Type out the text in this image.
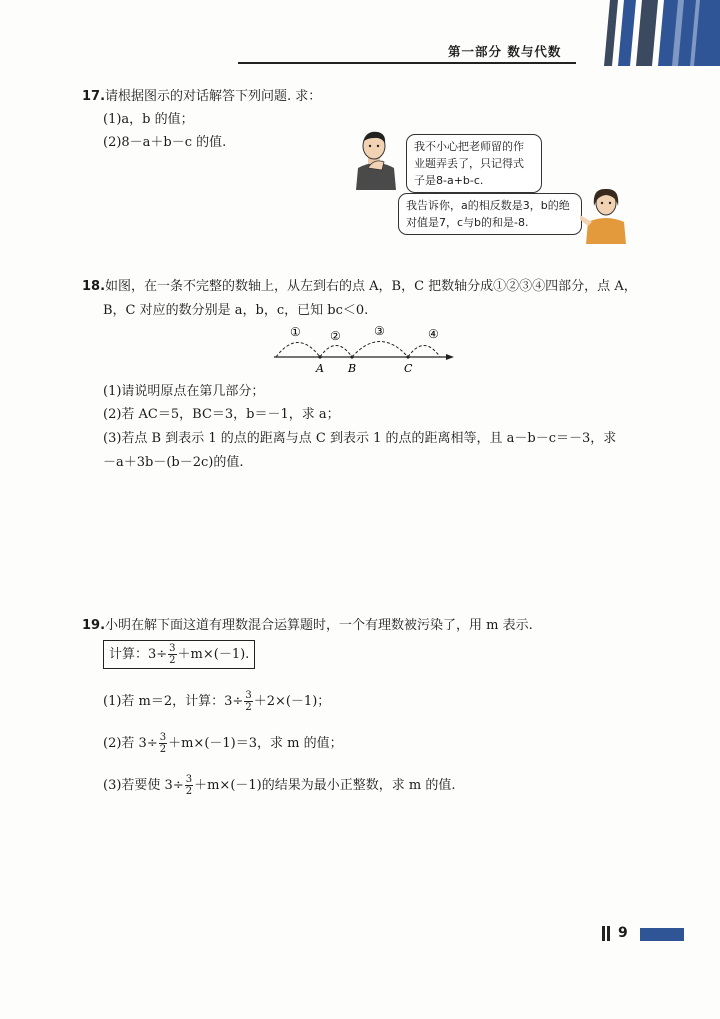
第一部分 数与代数
17.请根据图示的对话解答下列问题. 求：
(1)a，b 的值；
(2)8－a＋b－c 的值.	我不小心把老师留的作业题弄丢了，只记得式子是8-a+b-c.
我告诉你，a的相反数是3，b的绝对值是7，c与b的和是-8.
18.如图，在一条不完整的数轴上，从左到右的点 A，B，C 把数轴分成①②③④四部分，点 A，
B，C 对应的数分别是 a，b，c，已知 bc＜0.
① ②	③	④
A B	C
(1)请说明原点在第几部分；
(2)若 AC＝5，BC＝3，b＝－1，求 a；
(3)若点 B 到表示 1 的点的距离与点 C 到表示 1 的点的距离相等，且 a－b－c＝－3，求
－a＋3b－(b－2c)的值.
19.小明在解下面这道有理数混合运算题时，一个有理数被污染了，用 m 表示.
计算：$3\div \frac{3}{2} +m\times(-1)$.
(1)若 m＝2，计算：$3\div \frac{3}{2} +2\times(-1)$；
(2)若 $3\div \frac{3}{2} +m\times(-1)=3$，求 m 的值；
(3)若要使 $3\div \frac{3}{2} +m\times(-1)$的结果为最小正整数，求 m 的值.
9
